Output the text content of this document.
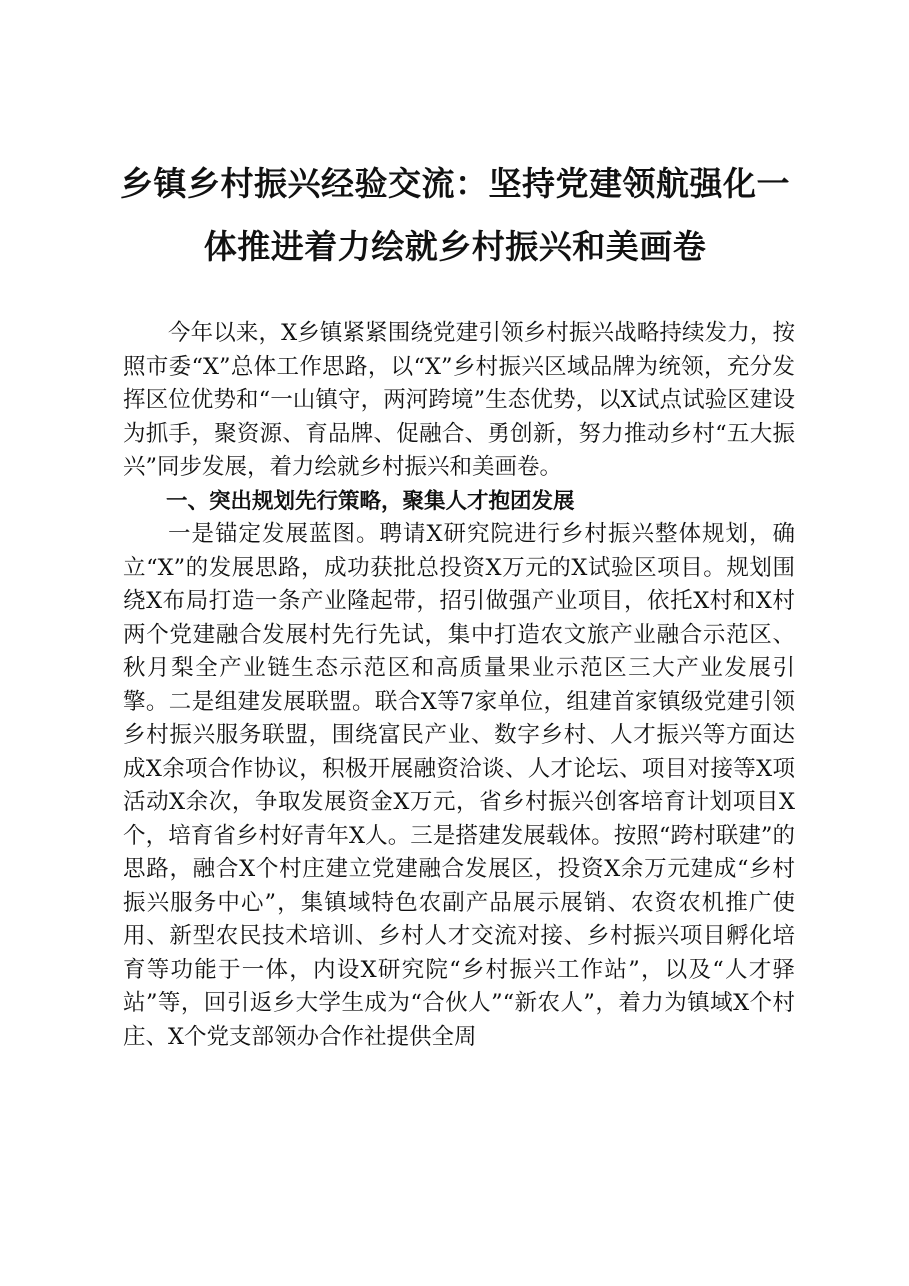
乡镇乡村振兴经验交流：坚持党建领航强化一
体推进着力绘就乡村振兴和美画卷

今年以来，X乡镇紧紧围绕党建引领乡村振兴战略持续发力，按照市委“X”总体工作思路，以“X”乡村振兴区域品牌为统领，充分发挥区位优势和“一山镇守，两河跨境”生态优势，以X试点试验区建设为抓手，聚资源、育品牌、促融合、勇创新，努力推动乡村“五大振兴”同步发展，着力绘就乡村振兴和美画卷。

一、突出规划先行策略，聚集人才抱团发展

一是锚定发展蓝图。聘请X研究院进行乡村振兴整体规划，确立“X”的发展思路，成功获批总投资X万元的X试验区项目。规划围绕X布局打造一条产业隆起带，招引做强产业项目，依托X村和X村两个党建融合发展村先行先试，集中打造农文旅产业融合示范区、秋月梨全产业链生态示范区和高质量果业示范区三大产业发展引擎。二是组建发展联盟。联合X等7家单位，组建首家镇级党建引领乡村振兴服务联盟，围绕富民产业、数字乡村、人才振兴等方面达成X余项合作协议，积极开展融资洽谈、人才论坛、项目对接等X项活动X余次，争取发展资金X万元，省乡村振兴创客培育计划项目X个，培育省乡村好青年X人。三是搭建发展载体。按照“跨村联建”的思路，融合X个村庄建立党建融合发展区，投资X余万元建成“乡村振兴服务中心”，集镇域特色农副产品展示展销、农资农机推广使用、新型农民技术培训、乡村人才交流对接、乡村振兴项目孵化培育等功能于一体，内设X研究院“乡村振兴工作站”，以及“人才驿站”等，回引返乡大学生成为“合伙人”“新农人”，着力为镇域X个村庄、X个党支部领办合作社提供全周
